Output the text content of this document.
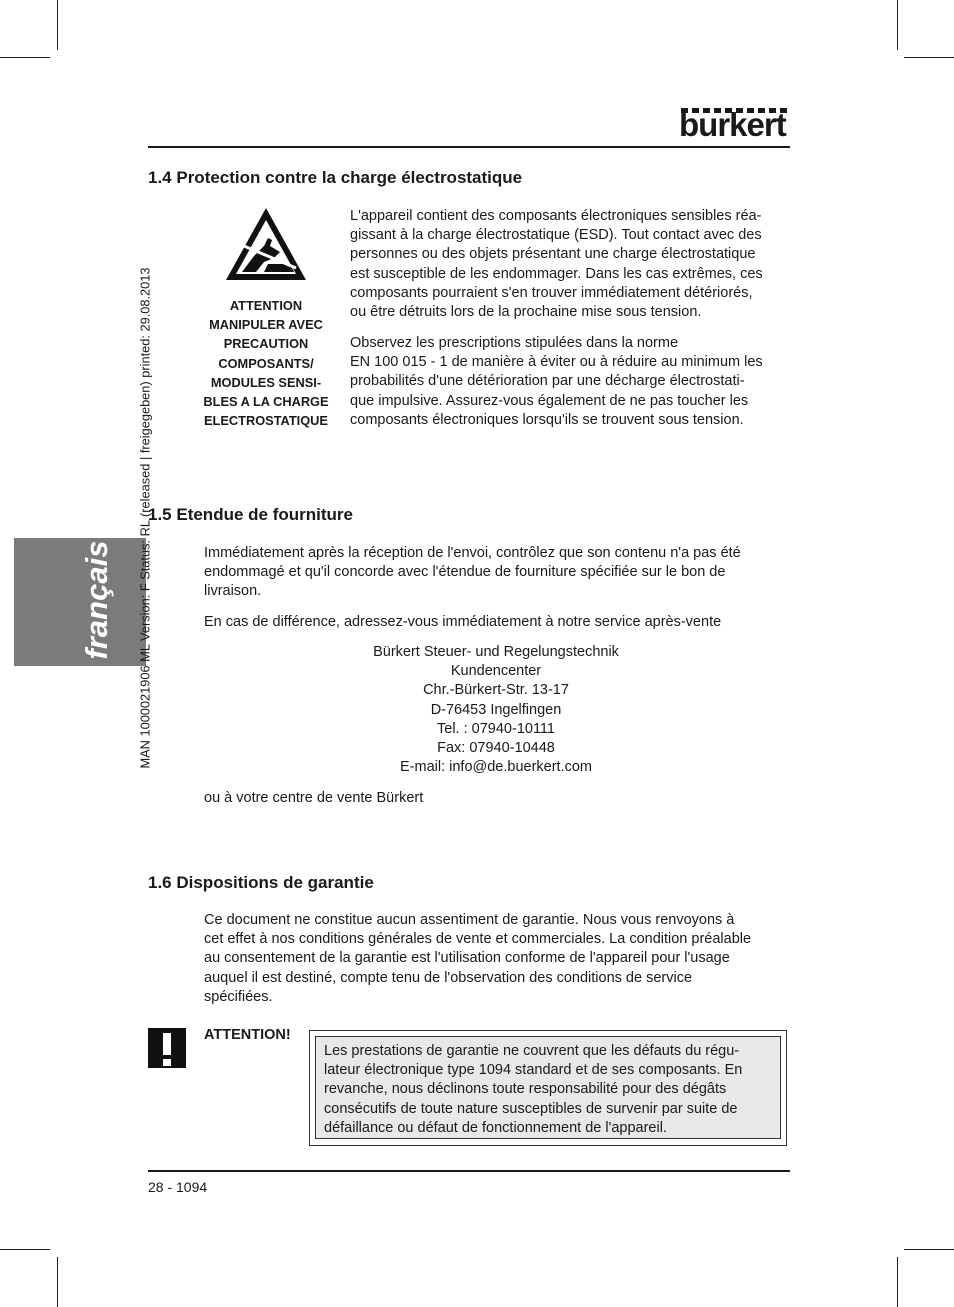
burkert
français MAN 1000021906 ML Version: F Status: RL (released | freigegeben) printed: 29.08.2013
1.4 Protection contre la charge électrostatique
ATTENTION
MANIPULER AVEC
PRECAUTION
COMPOSANTS/
MODULES SENSI-
BLES A LA CHARGE
ELECTROSTATIQUE
L'appareil contient des composants électroniques sensibles réa-
gissant à la charge électrostatique (ESD). Tout contact avec des
personnes ou des objets présentant une charge électrostatique
est susceptible de les endommager. Dans les cas extrêmes, ces
composants pourraient s'en trouver immédiatement détériorés,
ou être détruits lors de la prochaine mise sous tension.
Observez les prescriptions stipulées dans la norme
EN 100 015 - 1 de manière à éviter ou à réduire au minimum les
probabilités d'une détérioration par une décharge électrostati-
que impulsive. Assurez-vous également de ne pas toucher les
composants électroniques lorsqu'ils se trouvent sous tension.
1.5 Etendue de fourniture
Immédiatement après la réception de l'envoi, contrôlez que son contenu n'a pas été
endommagé et qu'il concorde avec l'étendue de fourniture spécifiée sur le bon de
livraison.
En cas de différence, adressez-vous immédiatement à notre service après-vente
Bürkert Steuer- und Regelungstechnik
Kundencenter
Chr.-Bürkert-Str. 13-17
D-76453 Ingelfingen
Tel. : 07940-10111
Fax: 07940-10448
E-mail: info@de.buerkert.com
ou à votre centre de vente Bürkert
1.6 Dispositions de garantie
Ce document ne constitue aucun assentiment de garantie. Nous vous renvoyons à
cet effet à nos conditions générales de vente et commerciales. La condition préalable
au consentement de la garantie est l'utilisation conforme de l'appareil pour l'usage
auquel il est destiné, compte tenu de l'observation des conditions de service
spécifiées.
ATTENTION!
Les prestations de garantie ne couvrent que les défauts du régu-
lateur électronique type 1094 standard et de ses composants. En
revanche, nous déclinons toute responsabilité pour des dégâts
consécutifs de toute nature susceptibles de survenir par suite de
défaillance ou défaut de fonctionnement de l'appareil.
28 - 1094
